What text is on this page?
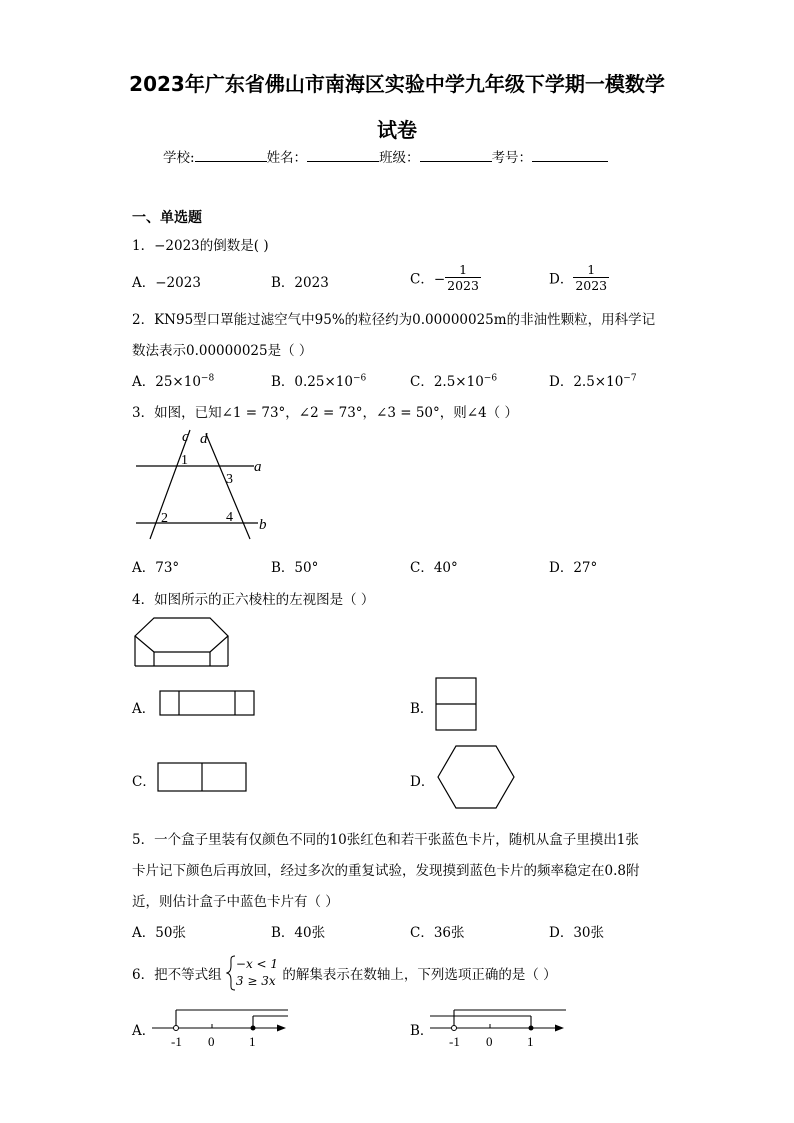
2023年广东省佛山市南海区实验中学九年级下学期一模数学
试卷
学校:	姓名：	班级：	考号：
一、单选题
1．−2023的倒数是( )
A．−2023	B．2023	C．− $\frac{1}{2023}$	D． $\frac{1}{2023}$
2．KN95型口罩能过滤空气中95%的粒径约为0.00000025m的非油性颗粒，用科学记
数法表示0.00000025是（ ）
A．$25\times 10^{-8}$	B．$0.25\times 10^{-6}$	C．$2.5\times 10^{-6}$	D．$2.5\times 10^{-7}$
3．如图，已知∠1 = 73°，∠2 = 73°，∠3 = 50°，则∠4（ ）
c d
a
b
1
3
2	4
A．73°	B．50°	C．40°	D．27°
4．如图所示的正六棱柱的左视图是（ ）
A．	B．
C．	D．
5．一个盒子里装有仅颜色不同的10张红色和若干张蓝色卡片，随机从盒子里摸出1张
卡片记下颜色后再放回，经过多次的重复试验，发现摸到蓝色卡片的频率稳定在0.8附
近，则估计盒子中蓝色卡片有（ ）
A．50张	B．40张	C．36张	D．30张
6．把不等式组
−x < 1
3 ≥ 3x 的解集表示在数轴上，下列选项正确的是（ ）
A．
-1 0	1
B．
-1 0	1
